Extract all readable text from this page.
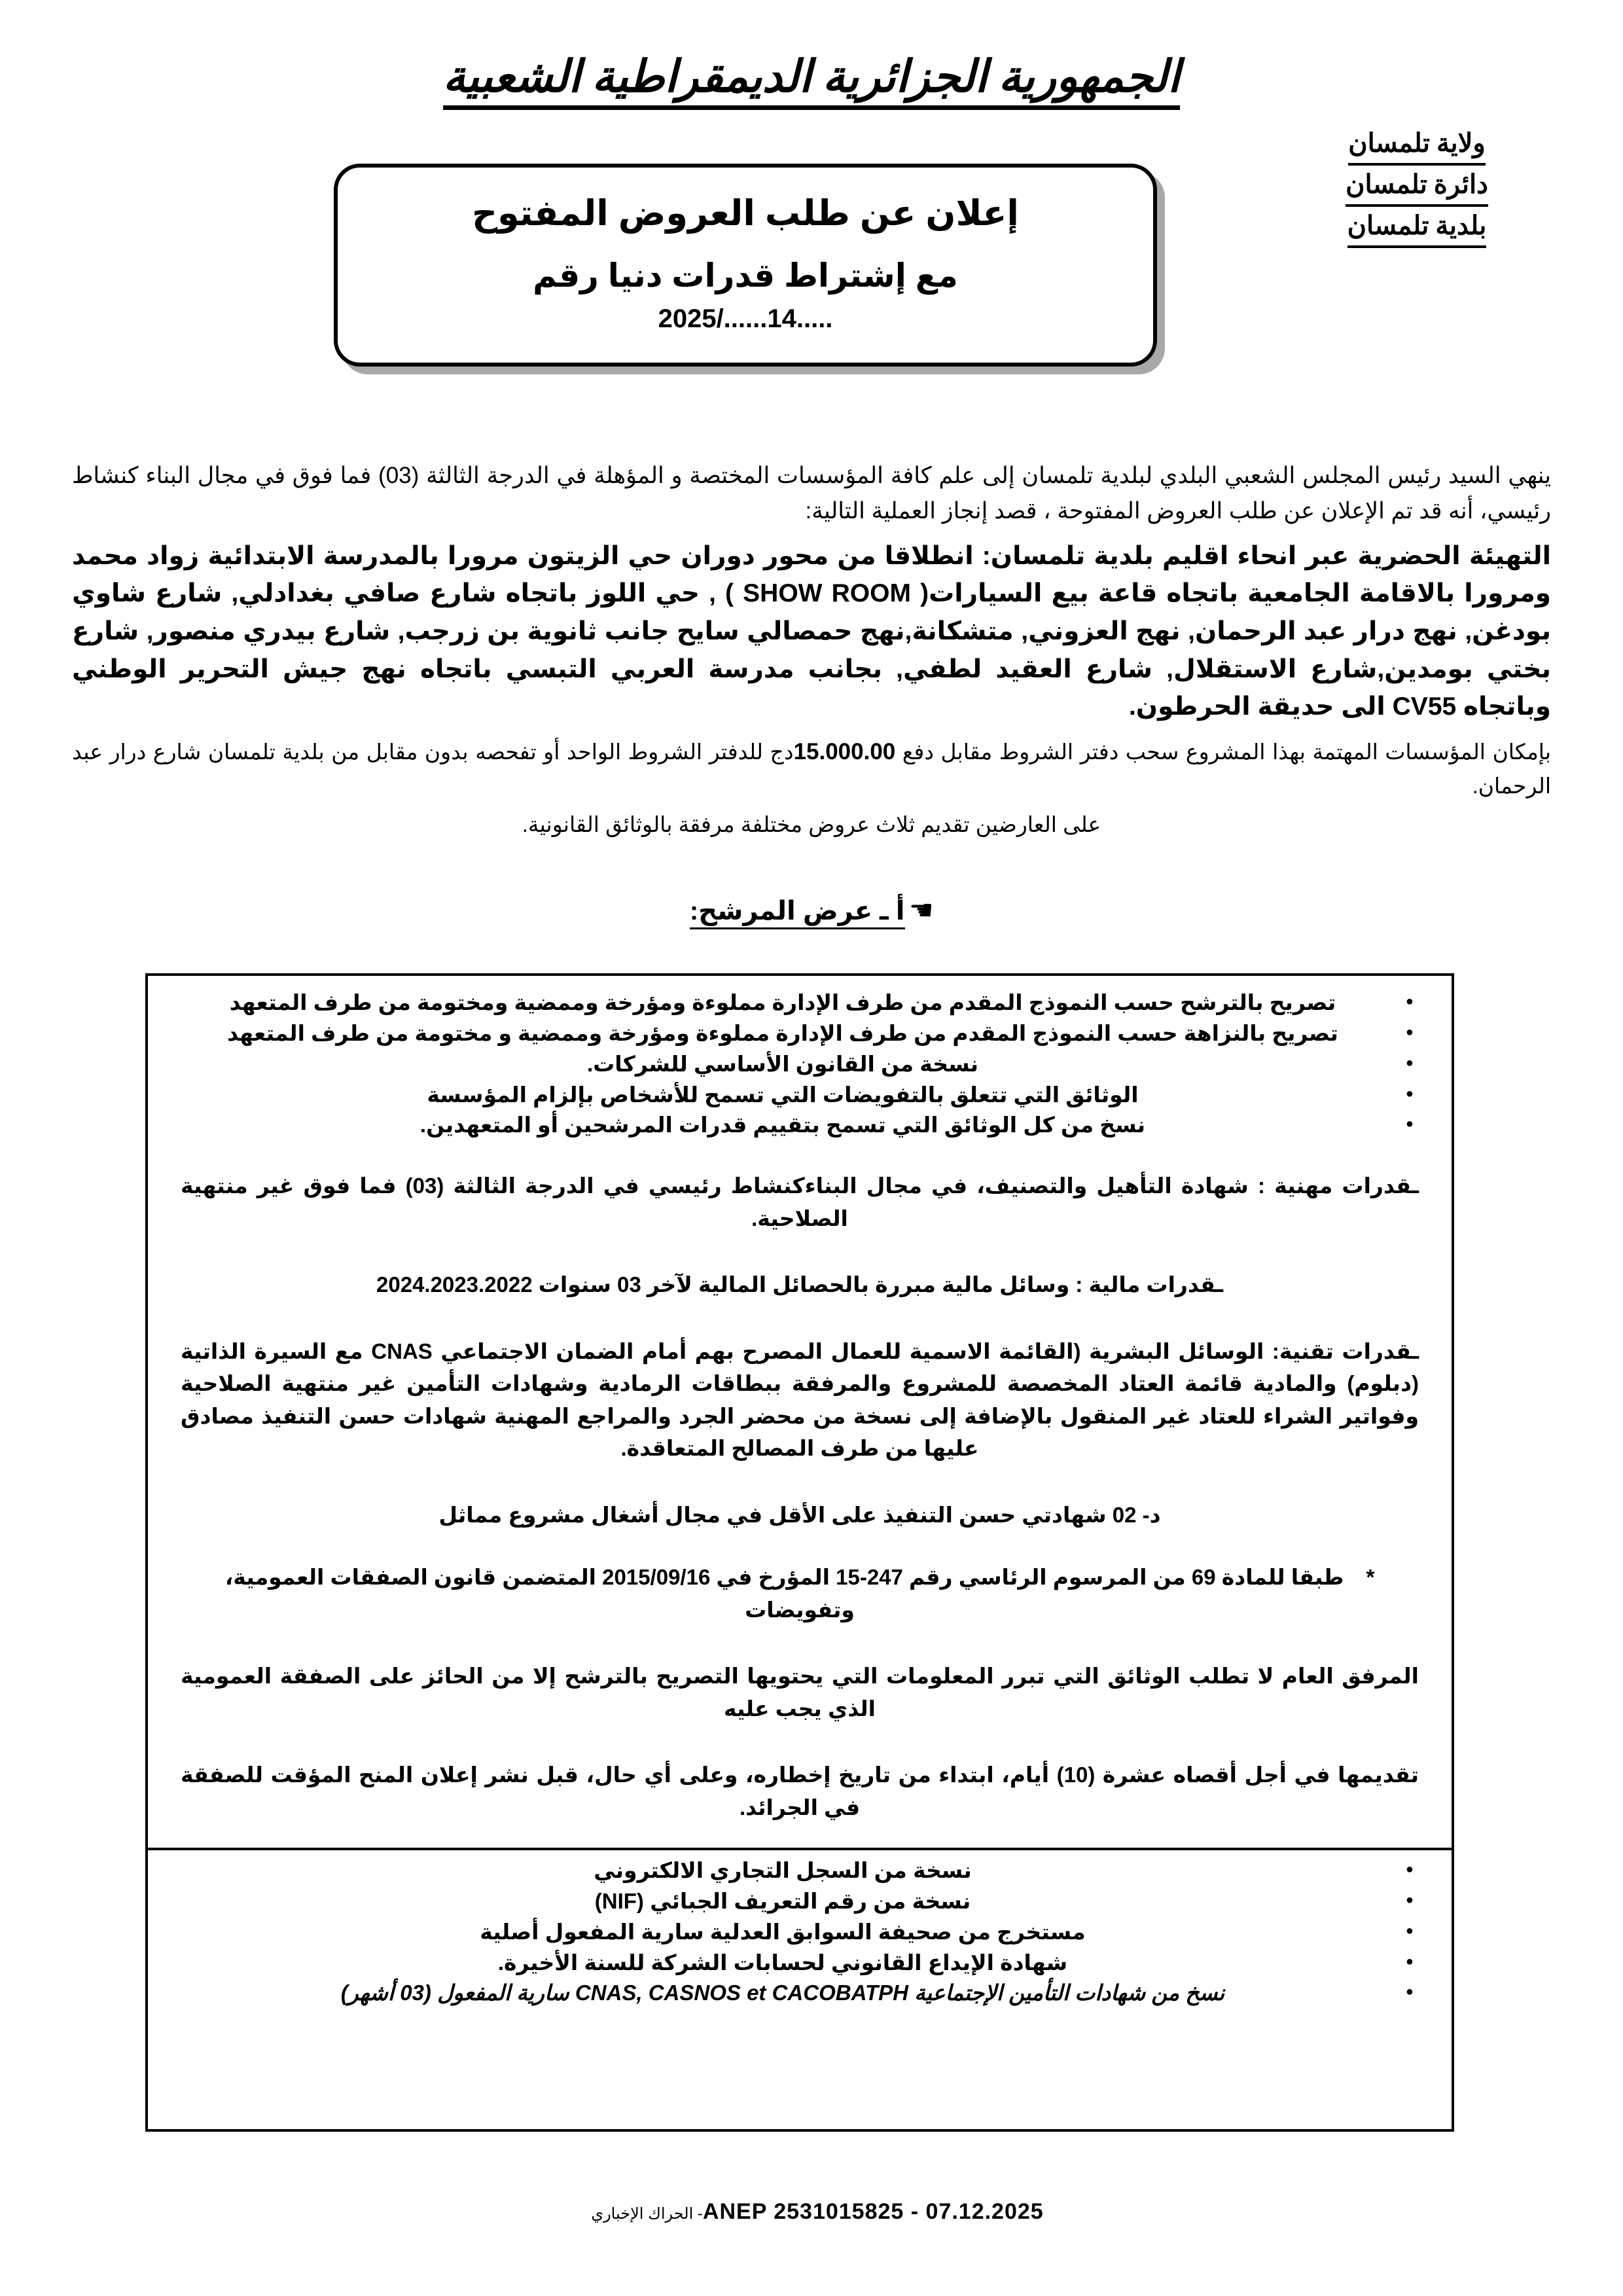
الجمهورية الجزائرية الديمقراطية الشعبية
ولاية تلمسان
دائرة تلمسان
بلدية تلمسان
إعلان عن طلب العروض المفتوح
مع إشتراط قدرات دنيا رقم
2025/......14.....

ينهي السيد رئيس المجلس الشعبي البلدي لبلدية تلمسان إلى علم كافة المؤسسات المختصة و المؤهلة في الدرجة الثالثة (03) فما فوق في مجال البناء كنشاط رئيسي، أنه قد تم الإعلان عن طلب العروض المفتوحة ، قصد إنجاز العملية التالية:

التهيئة الحضرية عبر انحاء اقليم بلدية تلمسان: انطلاقا من محور دوران حي الزيتون مرورا بالمدرسة الابتدائية زواد محمد ومرورا بالاقامة الجامعية باتجاه قاعة بيع السيارات( SHOW ROOM ) , حي اللوز باتجاه شارع صافي بغدادلي, شارع شاوي بودغن, نهج درار عبد الرحمان, نهج العزوني, متشكانة,نهج حمصالي سايح جانب ثانوية بن زرجب, شارع بيدري منصور, شارع بختي بومدين,شارع الاستقلال, شارع العقيد لطفي, بجانب مدرسة العربي التبسي باتجاه نهج جيش التحرير الوطني وباتجاه CV55 الى حديقة الحرطون.

بإمكان المؤسسات المهتمة بهذا المشروع سحب دفتر الشروط مقابل دفع 15.000.00دج للدفتر الشروط الواحد أو تفحصه بدون مقابل من بلدية تلمسان شارع درار عبد الرحمان.

على العارضين تقديم ثلاث عروض مختلفة مرفقة بالوثائق القانونية.

☛أ ـ عرض المرشح:
● تصريح بالترشح حسب النموذج المقدم من طرف الإدارة مملوءة ومؤرخة وممضية ومختومة من طرف المتعهد
● تصريح بالنزاهة حسب النموذج المقدم من طرف الإدارة مملوءة ومؤرخة وممضية و مختومة من طرف المتعهد
● نسخة من القانون الأساسي للشركات.
● الوثائق التي تتعلق بالتفويضات التي تسمح للأشخاص بإلزام المؤسسة
● نسخ من كل الوثائق التي تسمح بتقييم قدرات المرشحين أو المتعهدين.

ـقدرات مهنية : شهادة التأهيل والتصنيف، في مجال البناءكنشاط رئيسي في الدرجة الثالثة (03) فما فوق غير منتهية الصلاحية.

ـقدرات مالية : وسائل مالية مبررة بالحصائل المالية لآخر 03 سنوات 2024.2023.2022

ـقدرات تقنية: الوسائل البشرية (القائمة الاسمية للعمال المصرح بهم أمام الضمان الاجتماعي CNAS مع السيرة الذاتية (دبلوم) والمادية قائمة العتاد المخصصة للمشروع والمرفقة ببطاقات الرمادية وشهادات التأمين غير منتهية الصلاحية وفواتير الشراء للعتاد غير المنقول بالإضافة إلى نسخة من محضر الجرد والمراجع المهنية شهادات حسن التنفيذ مصادق عليها من طرف المصالح المتعاقدة.

د- 02 شهادتي حسن التنفيذ على الأقل في مجال أشغال مشروع مماثل

*طبقا للمادة 69 من المرسوم الرئاسي رقم 247-15 المؤرخ في 2015/09/16 المتضمن قانون الصفقات العمومية، وتفويضات

المرفق العام لا تطلب الوثائق التي تبرر المعلومات التي يحتويها التصريح بالترشح إلا من الحائز على الصفقة العمومية الذي يجب عليه

تقديمها في أجل أقصاه عشرة (10) أيام، ابتداء من تاريخ إخطاره، وعلى أي حال، قبل نشر إعلان المنح المؤقت للصفقة في الجرائد.

● نسخة من السجل التجاري الالكتروني
● نسخة من رقم التعريف الجبائي (NIF)
● مستخرج من صحيفة السوابق العدلية سارية المفعول أصلية
● شهادة الإيداع القانوني لحسابات الشركة للسنة الأخيرة.
● نسخ من شهادات التأمين الإجتماعية CNAS, CASNOS et CACOBATPH سارية المفعول (03 أشهر)
الحراك الإخباري -ANEP 2531015825 - 07.12.2025
